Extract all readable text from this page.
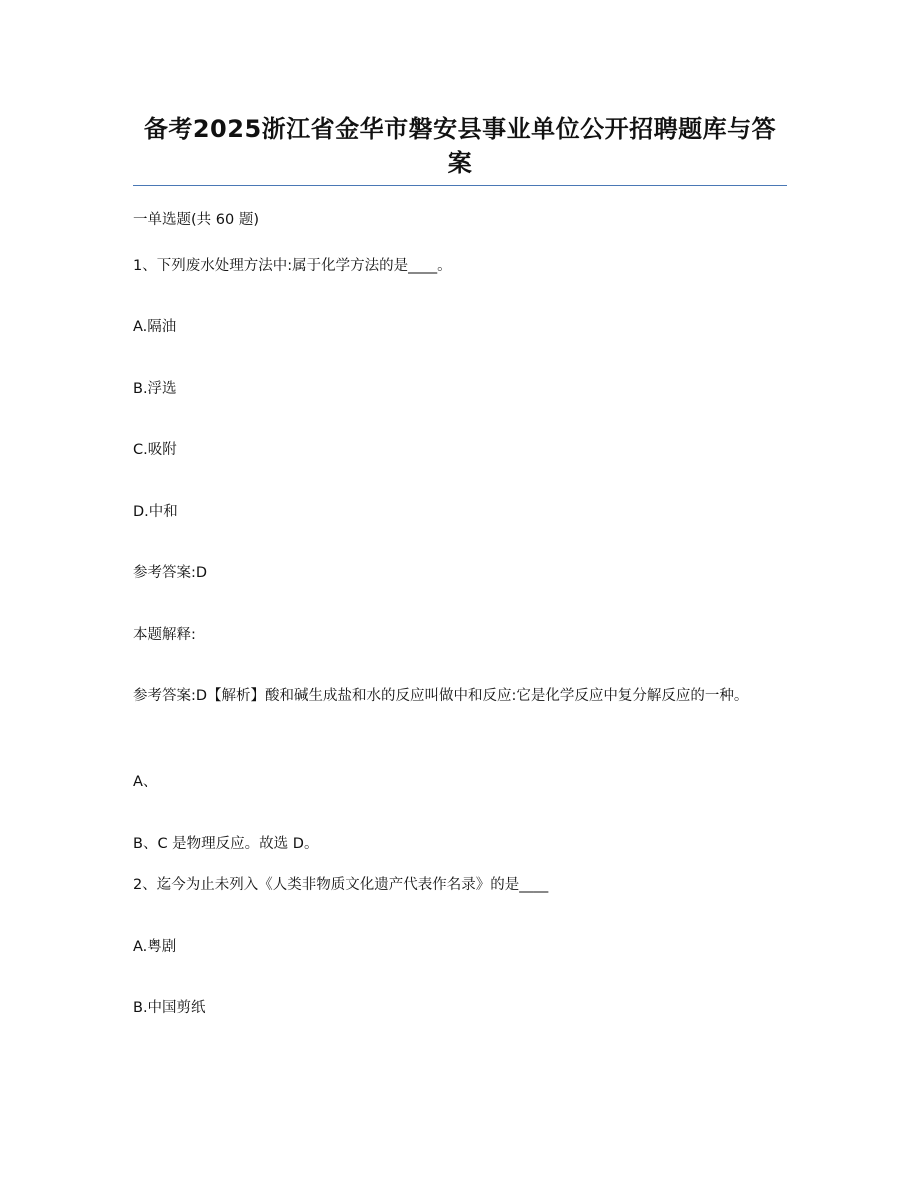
备考2025浙江省金华市磐安县事业单位公开招聘题库与答案
一单选题(共 60 题)
1、下列废水处理方法中:属于化学方法的是____。
A.隔油
B.浮选
C.吸附
D.中和
参考答案:D
本题解释:
参考答案:D【解析】酸和碱生成盐和水的反应叫做中和反应:它是化学反应中复分解反应的一种。
A、
B、C 是物理反应。故选 D。
2、迄今为止未列入《人类非物质文化遗产代表作名录》的是____
A.粤剧
B.中国剪纸
